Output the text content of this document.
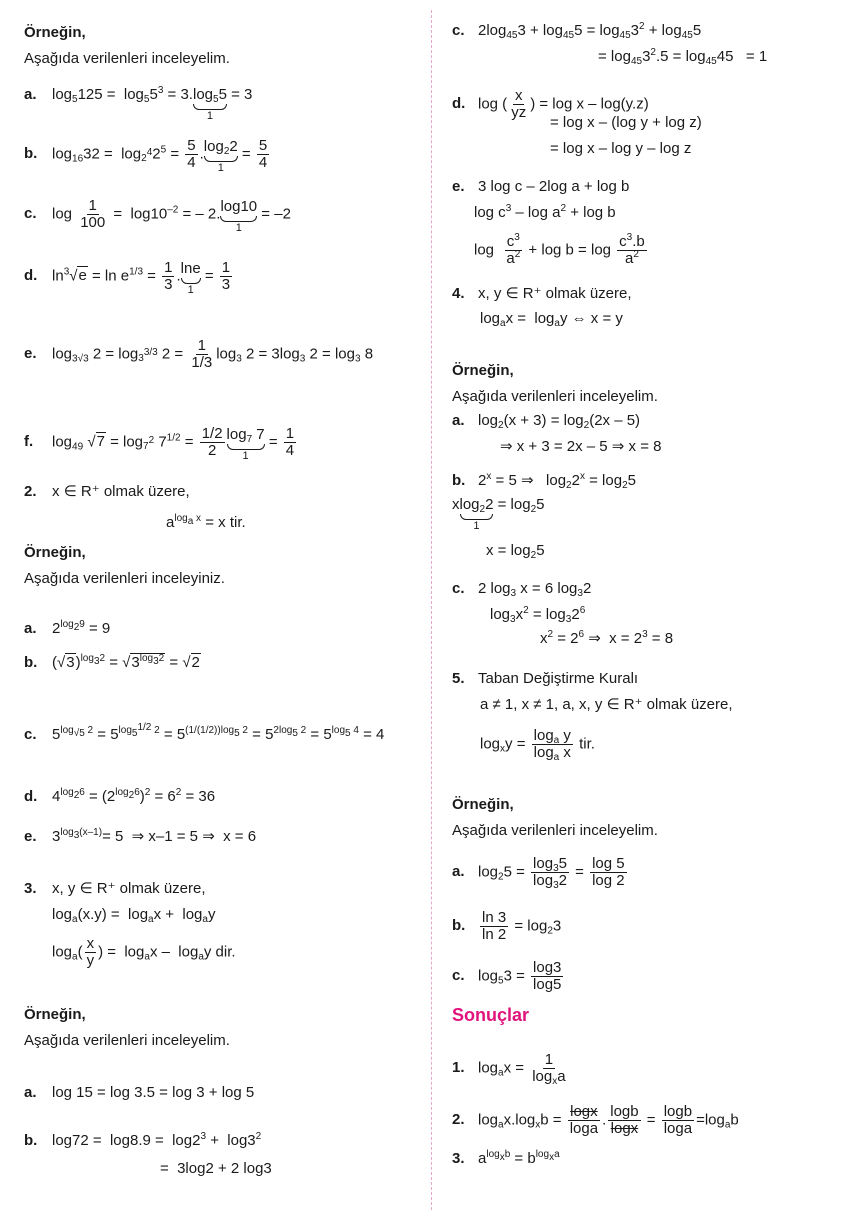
Örneğin,
Aşağıda verilenleri inceleyelim.
a. $\log_5125 = \log_55^3 = 3$. $\log_55$
1
= 3
b. $\log_{16}32 = \log_{2^4}2^5 = \frac{5}{4}$ . $\log_22$
1
= $\frac{5}{4}$
c. $\log \frac{1}{100} = \log 10^{-2}$ = – 2. log10
1
= –2
d. $\ln^3√e = \ln e^{1/3} = \frac{1}{3}$ . lne
1
= $\frac{1}{3}$
e. $\log_{3√3} 2 = \log_{3^{3/3}} 2 = \frac{1}{1/3} \log_3 2 = 3\log_3$ $2 = \log_3 8$
f. $\log_{49} √7 = \log_{7^2} 7^{1/2} = \frac{1/2}{2} \log_7 7$
1
= $\frac{1}{4}$
2. x ∈ R⁺ olmak üzere,
$a^{log_a x} = x$ tir.
Örneğin,
Aşağıda verilenleri inceleyiniz.
a. $2^{log_29} = 9$
b. $(√3)^{log_32} = √3^{log_32} = √2$
c. $5^{log_{√5} 2} = 5^{log_{5^{1/2}} 2} = 5^{(1/(1/2))log_5 2} = 5^{2log_5 2} = 5^{log_5 4} = 4$
d. $4^{log_26} = (2^{log_26})^2 = 6^2 = 36$
e. $3^{log_3(x-1)}= 5$  ⇒ x–1 = 5 ⇒  x = 6
3. x, y ∈ R⁺ olmak üzere,
$\log_a(x.y) = \log_ax + \log_ay$
$\log_a( \frac{x}{y}$ ) =  $\log_ax - \log_ay$ dir.
Örneğin,
Aşağıda verilenleri inceleyelim.
a. log 15 = log 3.5 = log 3 + log 5
b. $\log 72 = \log 8.9 = \log 2^3 + \log 3^2$
=  3log2 + 2 log3
c. $2\log_{45}3 + \log_{45}5 = \log_{45}3^2 + \log_{45}5$
= $\log_{45}3^2.5 = \log_{45}45 = 1$
d. log ( $\frac{x}{yz}$ ) = log x – log(y.z)
= log x – (log y + log z)
= log x – log y – log z
e. 3 log c – 2log a + log b
$\log c^3 - \log a^2 + \log b$
$\log \frac{c^3}{a^2} + \log b = \log \frac{c^3.b}{a^2}$
4. x, y ∈ R⁺ olmak üzere,
$\log_ax = \log_ay$ ⇔ x = y
Örneğin,
Aşağıda verilenleri inceleyelim.
a. $\log_2(x + 3) = \log_2(2x - 5)$
⇒ x + 3 = 2x – 5 ⇒ x = 8
b. $2^x = 5$ ⇒   $\log_22^x = \log_25$
x $\log_22$
1
= $\log_25$
$x = \log_25$
c. 2 $\log_3 x = 6$ $\log_32$
$\log_3x^2 = \log_32^6$
$x^2 = 2^6$ ⇒  $x = 2^3 = 8$
5. Taban Değiştirme Kuralı
a ≠ 1, x ≠ 1, a, x, y ∈ R⁺ olmak üzere,
$\log_xy = \frac{\log_a y}{\log_a x}$ tir.
Örneğin,
Aşağıda verilenleri inceleyelim.
a. $\log_25 = \frac{\log_35}{\log_32} = \frac{\log 5}{\log 2}$
b. $\frac{\ln 3}{\ln 2} = \log_23$
c. $\log_53 = \frac{\log 3}{\log 5}$
Sonuçlar
1. $\log_ax = \frac{1}{\log_xa}$
2. $\log_ax.\log_xb = \frac{\log x}{\log a}$ . $\frac{\log b}{\log x} = \frac{\log b}{\log a} =\log_ab$
3. $a^{log_xb} = b^{log_xa}$
